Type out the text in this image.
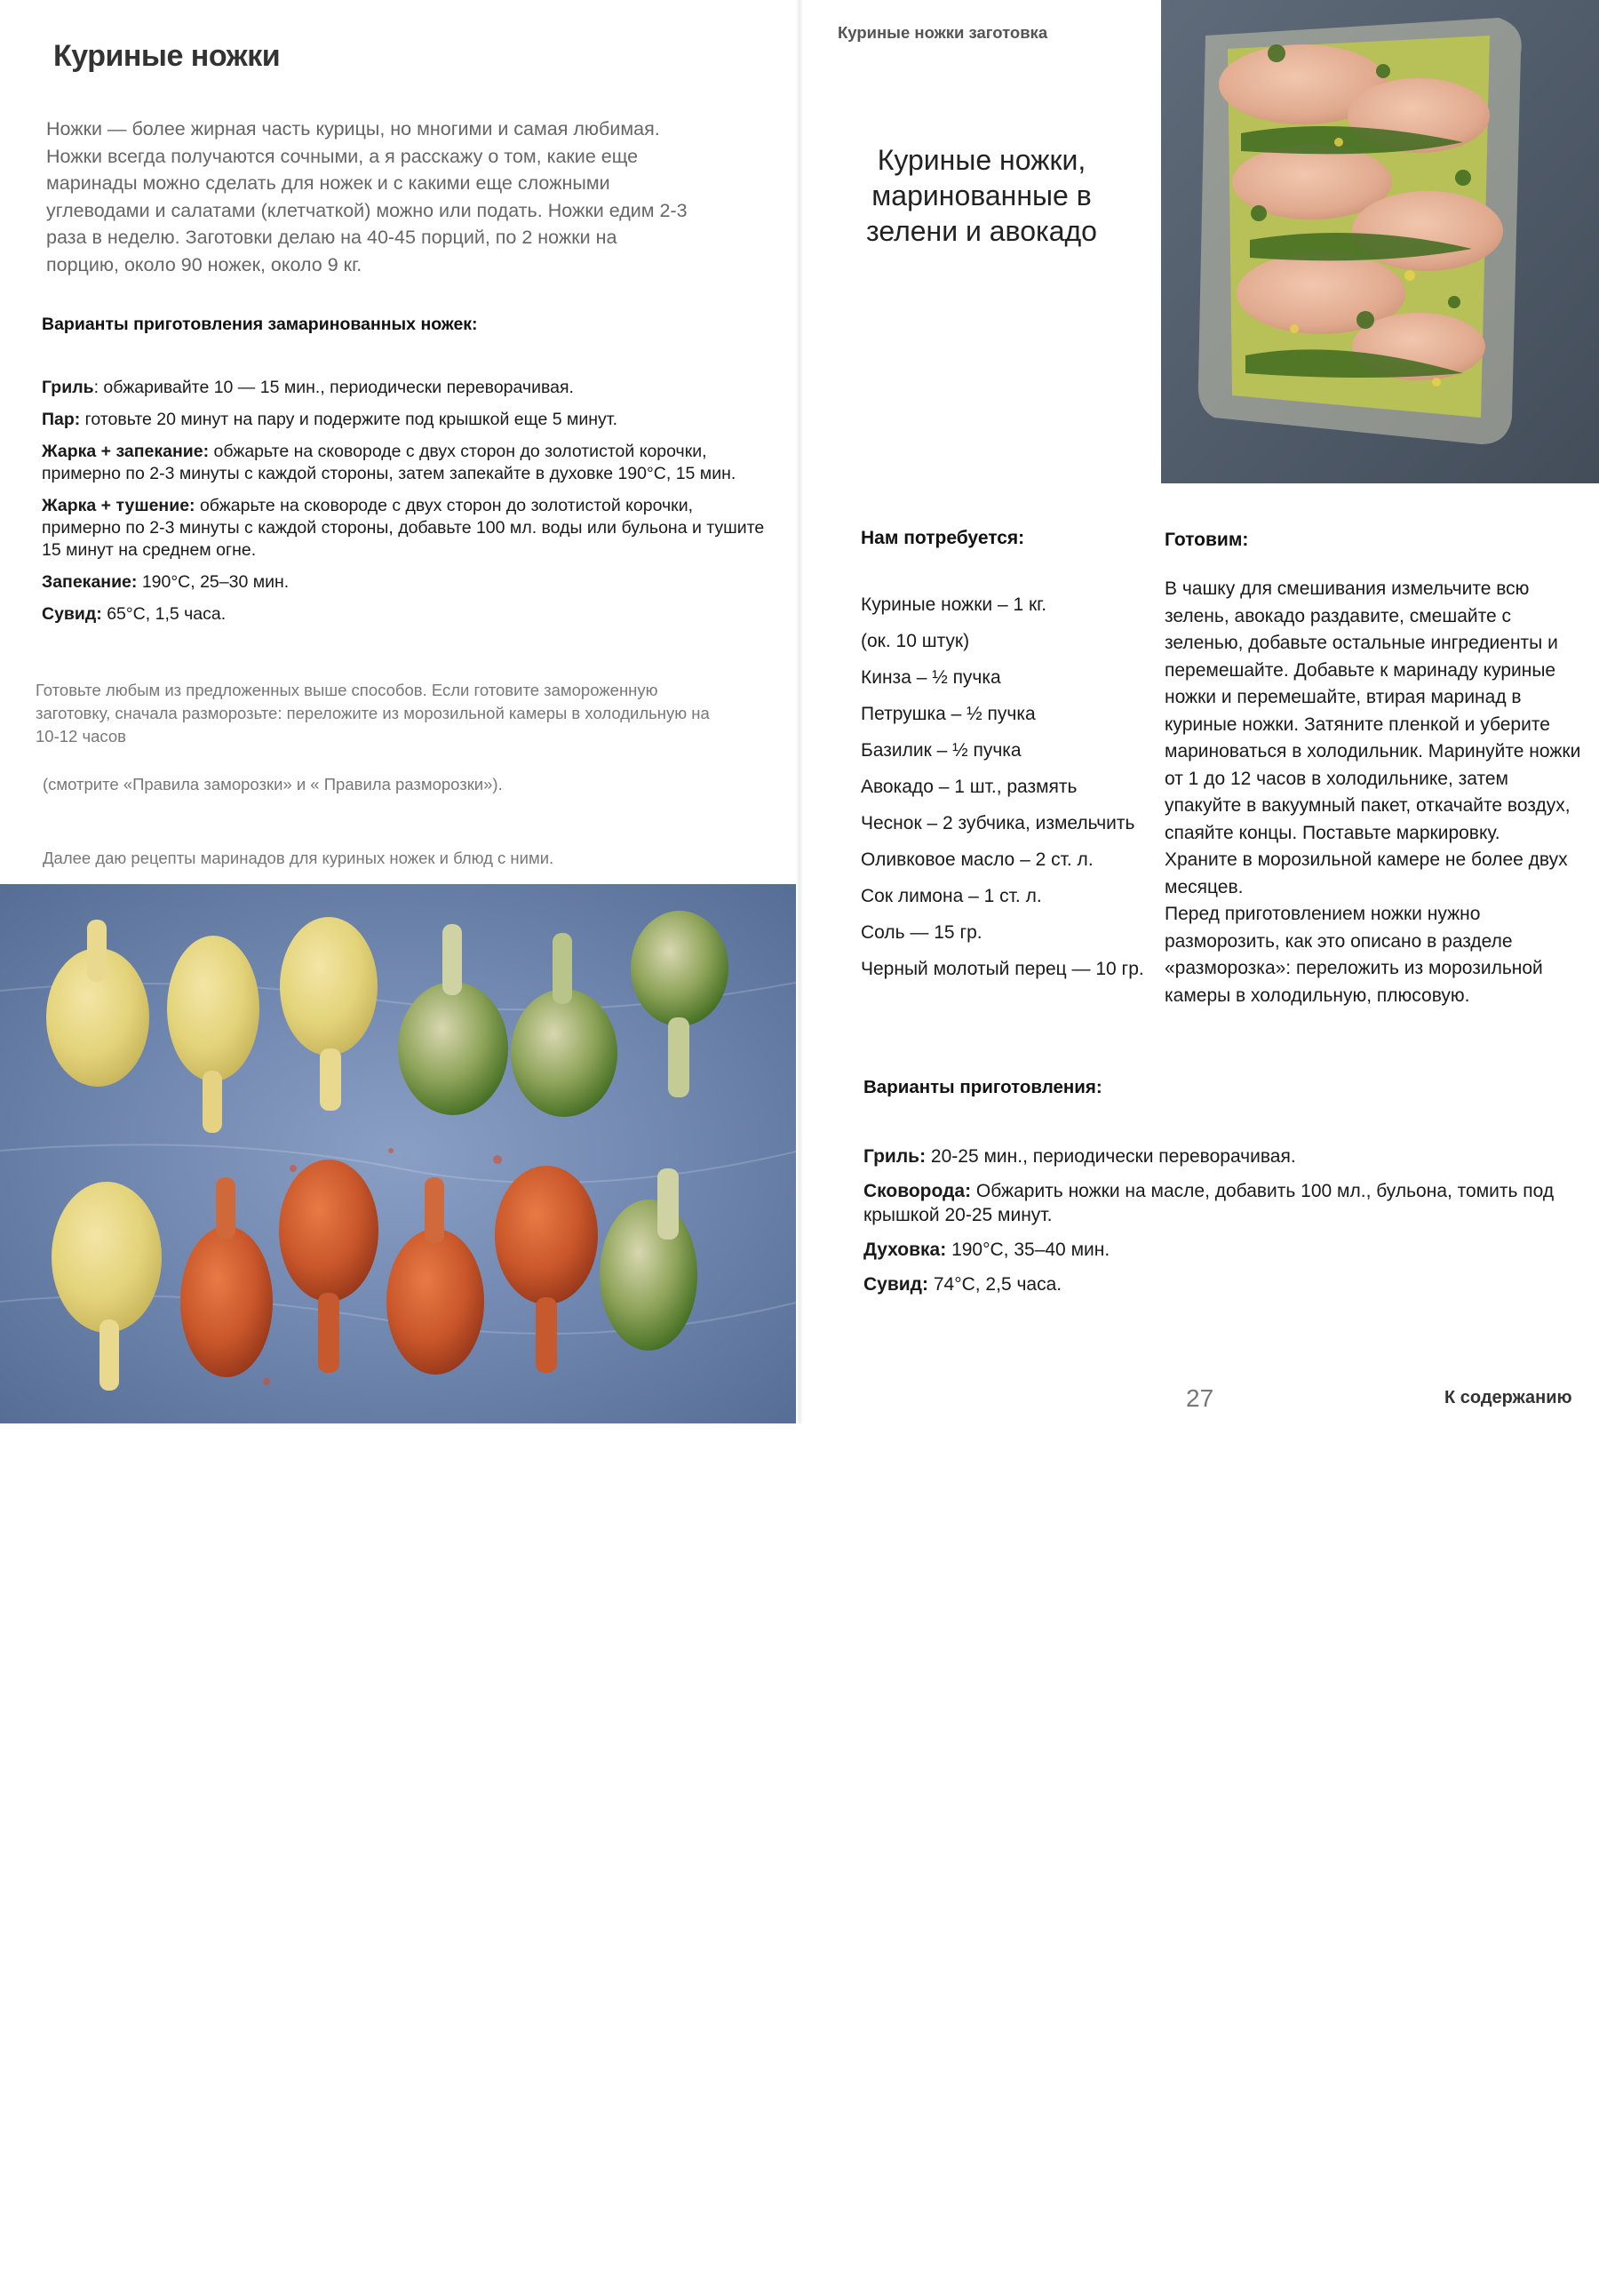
Куриные ножки

Ножки — более жирная часть курицы, но многими и самая любимая. Ножки всегда получаются сочными, а я расскажу о том, какие еще маринады можно сделать для ножек и с какими еще сложными углеводами и салатами (клетчаткой) можно или подать. Ножки едим 2-3 раза в неделю. Заготовки делаю на 40-45 порций, по 2 ножки на порцию, около 90 ножек, около 9 кг.

Варианты приготовления замаринованных ножек:
Гриль: обжаривайте 10 — 15 мин., периодически переворачивая.
Пар: готовьте 20 минут на пару и подержите под крышкой еще 5 минут.
Жарка + запекание: обжарьте на сковороде с двух сторон до золотистой корочки, примерно по 2-3 минуты с каждой стороны, затем запекайте в духовке 190°C, 15 мин.
Жарка + тушение: обжарьте на сковороде с двух сторон до золотистой корочки, примерно по 2-3 минуты с каждой стороны, добавьте 100 мл. воды или бульона и тушите 15 минут на среднем огне.
Запекание: 190°C, 25–30 мин.
Сувид: 65°C, 1,5 часа.

Готовьте любым из предложенных выше способов. Если готовите замороженную заготовку, сначала разморозьте: переложите из морозильной камеры в холодильную на 10-12 часов

(смотрите «Правила заморозки» и « Правила разморозки»).

Далее даю рецепты маринадов для куриных ножек и блюд с ними.

26
Куриные ножки заготовка
Куриные ножки, маринованные в зелени и авокадо
Нам потребуется:
Куриные ножки – 1 кг.
(ок. 10 штук)
Кинза – ½ пучка
Петрушка – ½ пучка
Базилик – ½ пучка
Авокадо – 1 шт., размять
Чеснок – 2 зубчика, измельчить
Оливковое масло – 2 ст. л.
Сок лимона – 1 ст. л.
Соль — 15 гр.
Черный молотый перец — 10 гр.
Готовим:

В чашку для смешивания измельчите всю зелень, авокадо раздавите, смешайте с зеленью, добавьте остальные ингредиенты и перемешайте. Добавьте к маринаду куриные ножки и перемешайте, втирая маринад в куриные ножки. Затяните пленкой и уберите мариноваться в холодильник. Маринуйте ножки от 1 до 12 часов в холодильнике, затем упакуйте в вакуумный пакет, откачайте воздух, спаяйте концы. Поставьте маркировку.

Храните в морозильной камере не более двух месяцев.

Перед приготовлением ножки нужно разморозить, как это описано в разделе «разморозка»: переложить из морозильной камеры в холодильную, плюсовую.

Варианты приготовления:
Гриль: 20-25 мин., периодически переворачивая.
Сковорода: Обжарить ножки на масле, добавить 100 мл., бульона, томить под крышкой 20-25 минут.
Духовка: 190°C, 35–40 мин.
Сувид: 74°C, 2,5 часа.
27	К содержанию
